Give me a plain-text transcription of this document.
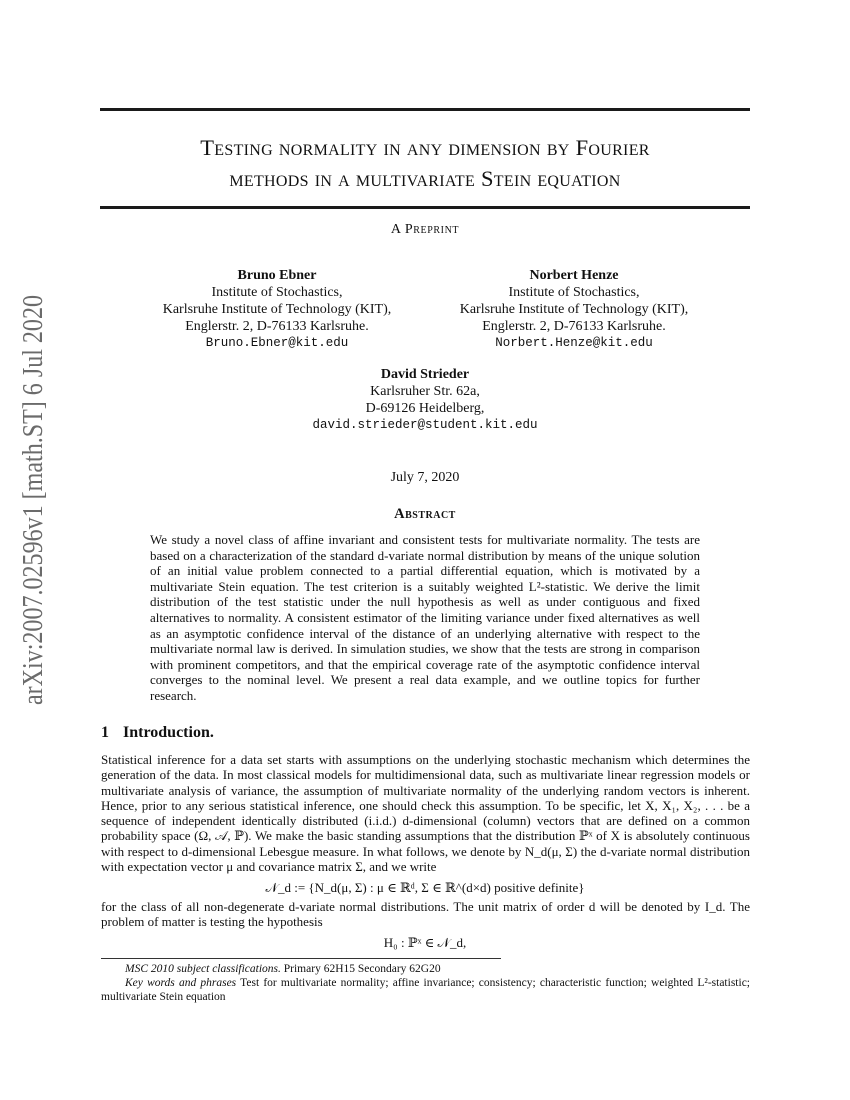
arXiv:2007.02596v1 [math.ST] 6 Jul 2020
Testing normality in any dimension by Fourier
methods in a multivariate Stein equation
A Preprint
Bruno Ebner
Institute of Stochastics,
Karlsruhe Institute of Technology (KIT),
Englerstr. 2, D-76133 Karlsruhe.
Bruno.Ebner@kit.edu
Norbert Henze
Institute of Stochastics,
Karlsruhe Institute of Technology (KIT),
Englerstr. 2, D-76133 Karlsruhe.
Norbert.Henze@kit.edu
David Strieder
Karlsruher Str. 62a,
D-69126 Heidelberg,
david.strieder@student.kit.edu
July 7, 2020
Abstract
We study a novel class of affine invariant and consistent tests for multivariate normality. The tests are based on a characterization of the standard d-variate normal distribution by means of the unique solution of an initial value problem connected to a partial differential equation, which is motivated by a multivariate Stein equation. The test criterion is a suitably weighted L²-statistic. We derive the limit distribution of the test statistic under the null hypothesis as well as under contiguous and fixed alternatives to normality. A consistent estimator of the limiting variance under fixed alternatives as well as an asymptotic confidence interval of the distance of an underlying alternative with respect to the multivariate normal law is derived. In simulation studies, we show that the tests are strong in comparison with prominent competitors, and that the empirical coverage rate of the asymptotic confidence interval converges to the nominal level. We present a real data example, and we outline topics for further research.
1 Introduction.
Statistical inference for a data set starts with assumptions on the underlying stochastic mechanism which determines the generation of the data. In most classical models for multidimensional data, such as multivariate linear regression models or multivariate analysis of variance, the assumption of multivariate normality of the underlying random vectors is inherent. Hence, prior to any serious statistical inference, one should check this assumption. To be specific, let X, X₁, X₂, . . . be a sequence of independent identically distributed (i.i.d.) d-dimensional (column) vectors that are defined on a common probability space (Ω, 𝒜, ℙ). We make the basic standing assumptions that the distribution ℙˣ of X is absolutely continuous with respect to d-dimensional Lebesgue measure. In what follows, we denote by N_d(μ, Σ) the d-variate normal distribution with expectation vector μ and covariance matrix Σ, and we write
𝒩_d := {N_d(μ, Σ) : μ ∈ ℝᵈ, Σ ∈ ℝ^(d×d) positive definite}
for the class of all non-degenerate d-variate normal distributions. The unit matrix of order d will be denoted by I_d. The problem of matter is testing the hypothesis
H₀ : ℙˣ ∈ 𝒩_d,
MSC 2010 subject classifications. Primary 62H15 Secondary 62G20
Key words and phrases Test for multivariate normality; affine invariance; consistency; characteristic function; weighted L²-statistic; multivariate Stein equation
